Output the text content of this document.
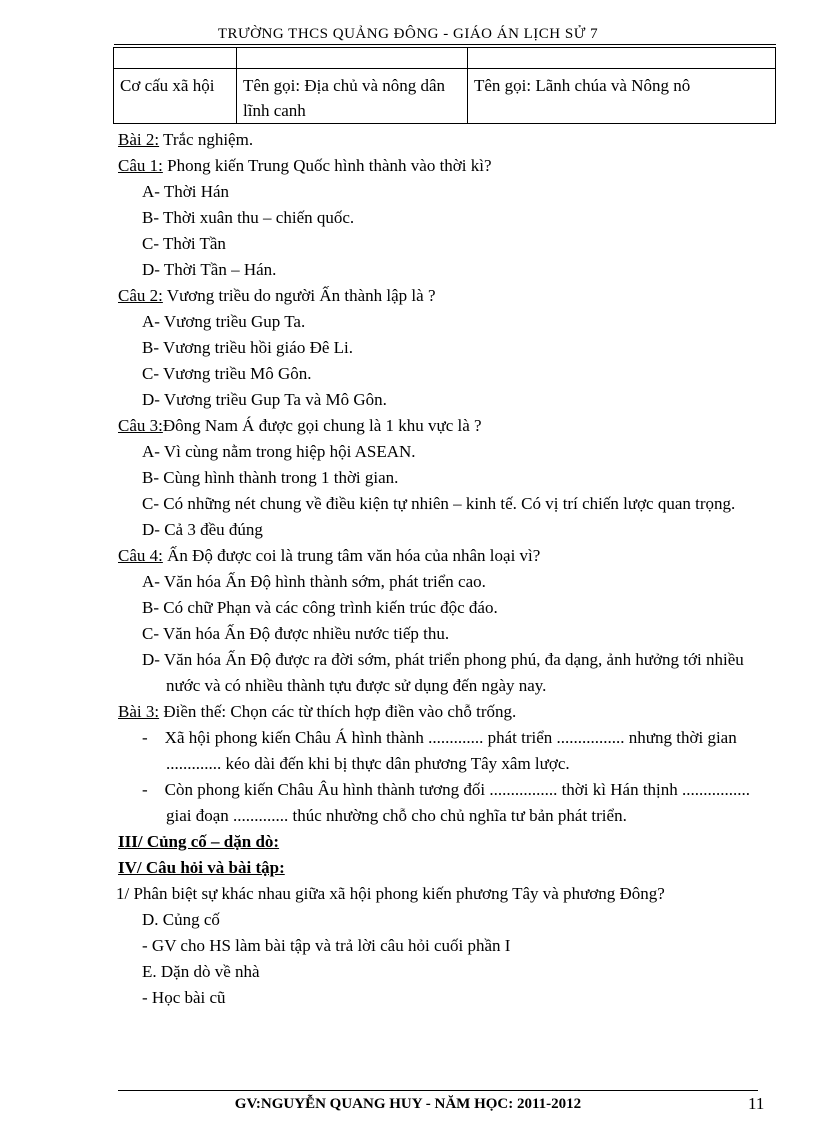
TRƯỜNG THCS QUẢNG ĐÔNG - GIÁO ÁN LỊCH SỬ 7

Cơ cấu xã hội	Tên gọi: Địa chủ và nông dân lĩnh canh	Tên gọi: Lãnh chúa và Nông nô

Bài 2: Trắc nghiệm.

Câu 1: Phong kiến Trung Quốc hình thành vào thời kì?

A- Thời Hán

B- Thời xuân thu – chiến quốc.

C- Thời Tần

D- Thời Tần – Hán.

Câu 2: Vương triều do người Ấn thành lập là ?

A- Vương triều Gup Ta.

B- Vương triều hồi giáo Đê Li.

C- Vương triều Mô Gôn.

D- Vương triều Gup Ta và Mô Gôn.

Câu 3:Đông Nam Á được gọi chung là 1 khu vực là ?

A- Vì cùng nằm trong hiệp hội ASEAN.

B- Cùng hình thành trong 1 thời gian.

C- Có những nét chung về điều kiện tự nhiên – kinh tế. Có vị trí chiến lược quan trọng.

D- Cả 3 đều đúng

Câu 4: Ấn Độ được coi là trung tâm văn hóa của nhân loại vì?

A- Văn hóa Ấn Độ hình thành sớm, phát triển cao.

B- Có chữ Phạn và các công trình kiến trúc độc đáo.

C- Văn hóa Ấn Độ được nhiều nước tiếp thu.

D- Văn hóa Ấn Độ được ra đời sớm, phát triển phong phú, đa dạng, ảnh hưởng tới nhiều nước và có nhiều thành tựu được sử dụng đến ngày nay.

Bài 3: Điền thế: Chọn các từ thích hợp điền vào chỗ trống.

-    Xã hội phong kiến Châu Á hình thành ............. phát triển ................ nhưng thời gian ............. kéo dài đến khi bị thực dân phương Tây xâm lược.

-    Còn phong kiến Châu Âu hình thành tương đối ................ thời kì Hán thịnh ................ giai đoạn ............. thúc nhường chỗ cho chủ nghĩa tư bản phát triển.

III/ Củng cố – dặn dò:

IV/ Câu hỏi và bài tập:

1/ Phân biệt sự khác nhau giữa xã hội phong kiến phương Tây và phương Đông?

D. Củng cố

- GV cho HS làm bài tập và trả lời câu hỏi cuối phần I

E. Dặn dò về nhà

- Học bài cũ

GV:NGUYỄN QUANG HUY - NĂM HỌC: 2011-2012	11
